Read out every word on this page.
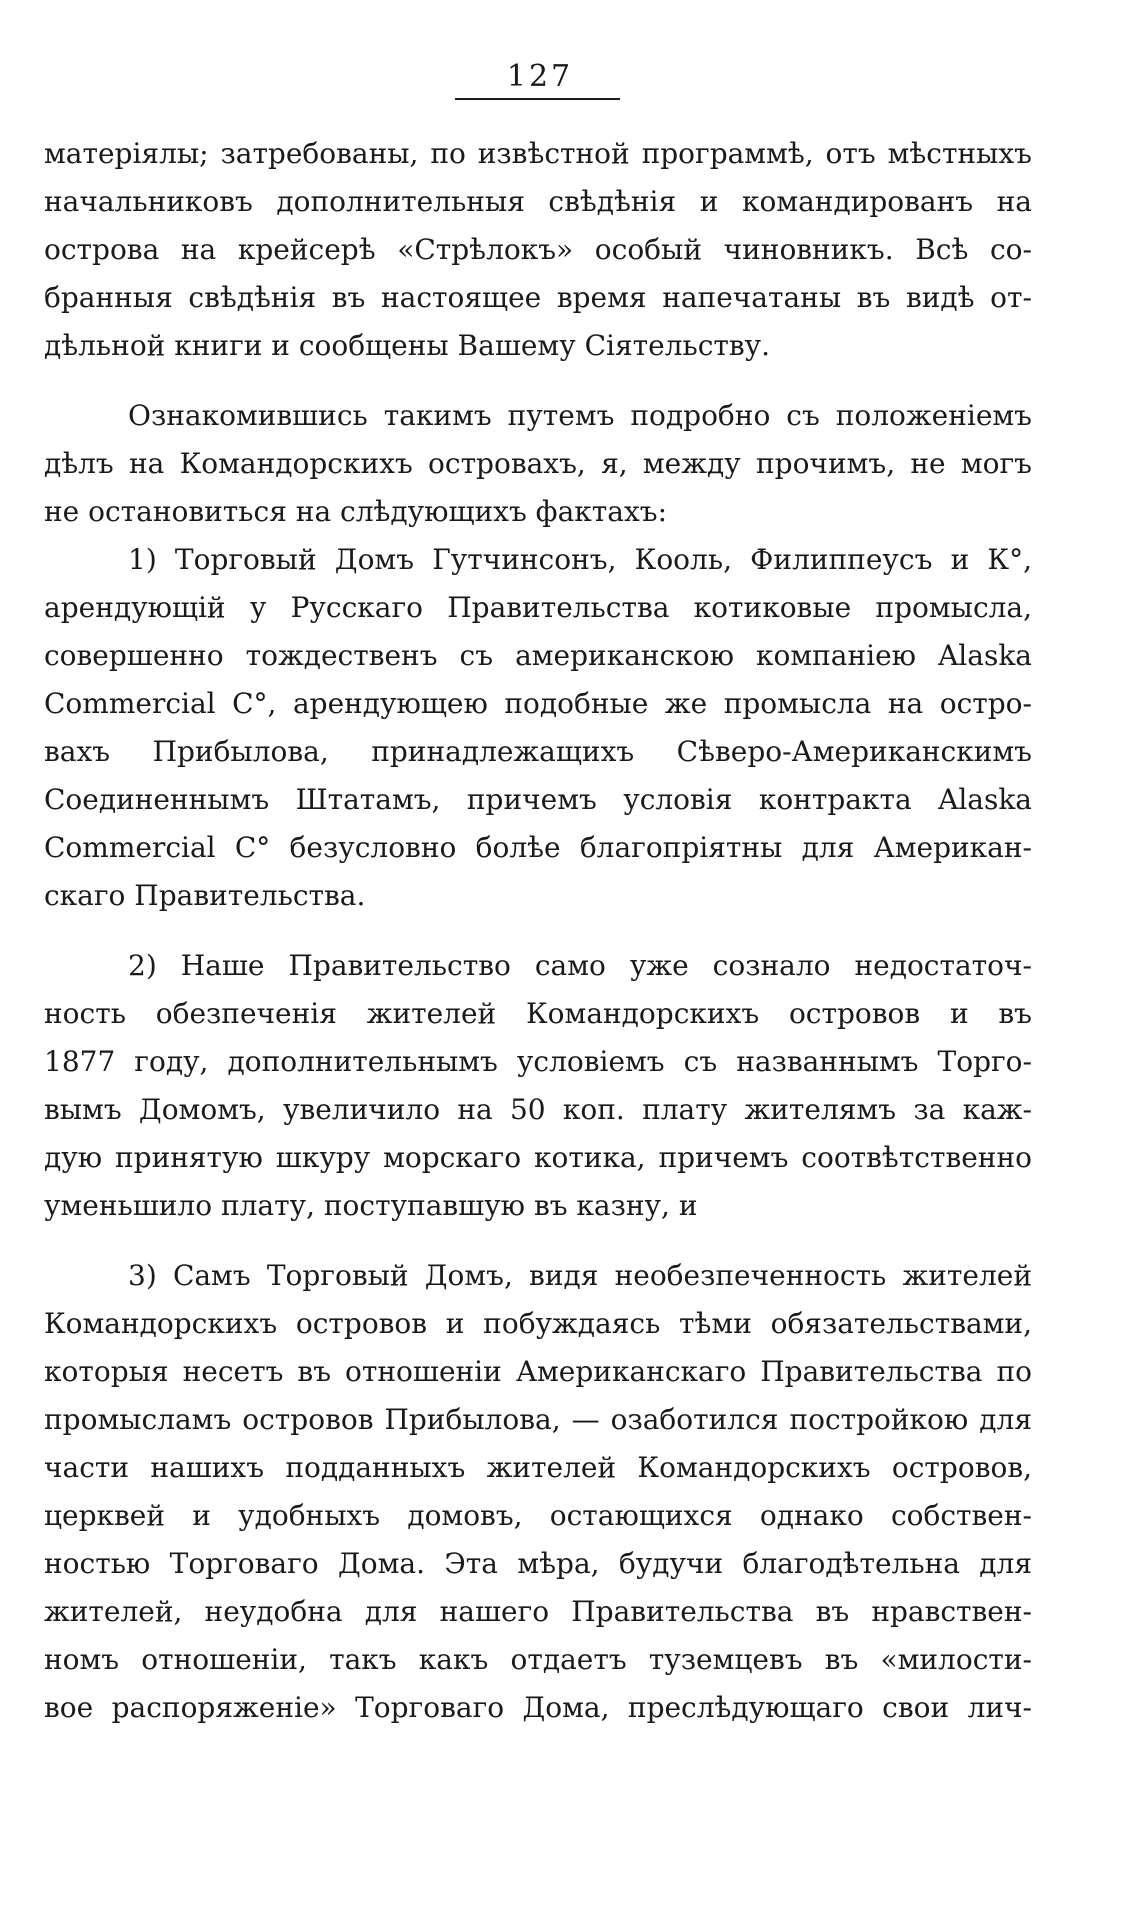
127
матеріялы; затребованы, по извѣстной программѣ, отъ мѣстныхъ
начальниковъ дополнительныя свѣдѣнія и командированъ на
острова на крейсерѣ «Стрѣлокъ» особый чиновникъ. Всѣ со-
бранныя свѣдѣнія въ настоящее время напечатаны въ видѣ от-
дѣльной книги и сообщены Вашему Сіятельству.
Ознакомившись такимъ путемъ подробно съ положеніемъ
дѣлъ на Командорскихъ островахъ, я, между прочимъ, не могъ
не остановиться на слѣдующихъ фактахъ:
1) Торговый Домъ Гутчинсонъ, Кооль, Филиппеусъ и К°,
арендующій у Русскаго Правительства котиковые промысла,
совершенно тождественъ съ американскою компаніею Alaska
Commercial C°, арендующею подобные же промысла на остро-
вахъ Прибылова, принадлежащихъ Сѣверо-Американскимъ
Соединеннымъ Штатамъ, причемъ условія контракта Alaska
Commercial C° безусловно болѣе благопріятны для Американ-
скаго Правительства.
2) Наше Правительство само уже сознало недостаточ-
ность обезпеченія жителей Командорскихъ островов и въ
1877 году, дополнительнымъ условіемъ съ названнымъ Торго-
вымъ Домомъ, увеличило на 50 коп. плату жителямъ за каж-
дую принятую шкуру морскаго котика, причемъ соотвѣтственно
уменьшило плату, поступавшую въ казну, и
3) Самъ Торговый Домъ, видя необезпеченность жителей
Командорскихъ островов и побуждаясь тѣми обязательствами,
которыя несетъ въ отношеніи Американскаго Правительства по
промысламъ островов Прибылова, — озаботился постройкою для
части нашихъ подданныхъ жителей Командорскихъ островов,
церквей и удобныхъ домовъ, остающихся однако собствен-
ностью Торговаго Дома. Эта мѣра, будучи благодѣтельна для
жителей, неудобна для нашего Правительства въ нравствен-
номъ отношеніи, такъ какъ отдаетъ туземцевъ въ «милости-
вое распоряженіе» Торговаго Дома, преслѣдующаго свои лич-
